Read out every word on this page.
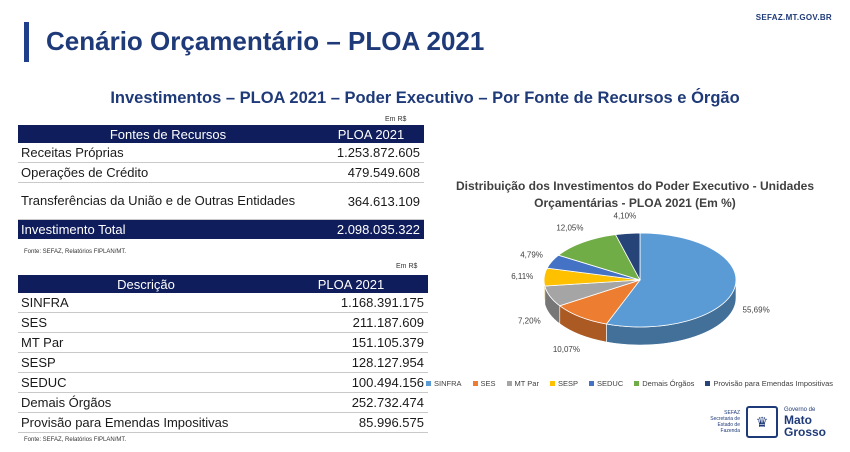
Cenário Orçamentário – PLOA 2021
SEFAZ.MT.GOV.BR
Investimentos – PLOA 2021 – Poder Executivo – Por Fonte de Recursos e Órgão
Em R$
Fontes de Recursos	PLOA 2021
Receitas Próprias	1.253.872.605
Operações de Crédito	479.549.608
Transferências da União e de Outras Entidades	364.613.109
Investimento Total	2.098.035.322
Fonte: SEFAZ, Relatórios FIPLAN/MT.
Em R$
Descrição	PLOA 2021
SINFRA	1.168.391.175
SES	211.187.609
MT Par	151.105.379
SESP	128.127.954
SEDUC	100.494.156
Demais Órgãos	252.732.474
Provisão para Emendas Impositivas	85.996.575
Fonte: SEFAZ, Relatórios FIPLAN/MT.
Distribuição dos Investimentos do Poder Executivo - Unidades Orçamentárias - PLOA 2021 (Em %)
55,69%
10,07%
7,20%
6,11%
4,79%
12,05%
4,10%
SINFRA	SES	MT Par	SESP	SEDUC	Demais Órgãos	Provisão para Emendas Impositivas
SEFAZ Secretaria de Estado de Fazenda
♛
Governo de
Mato Grosso
